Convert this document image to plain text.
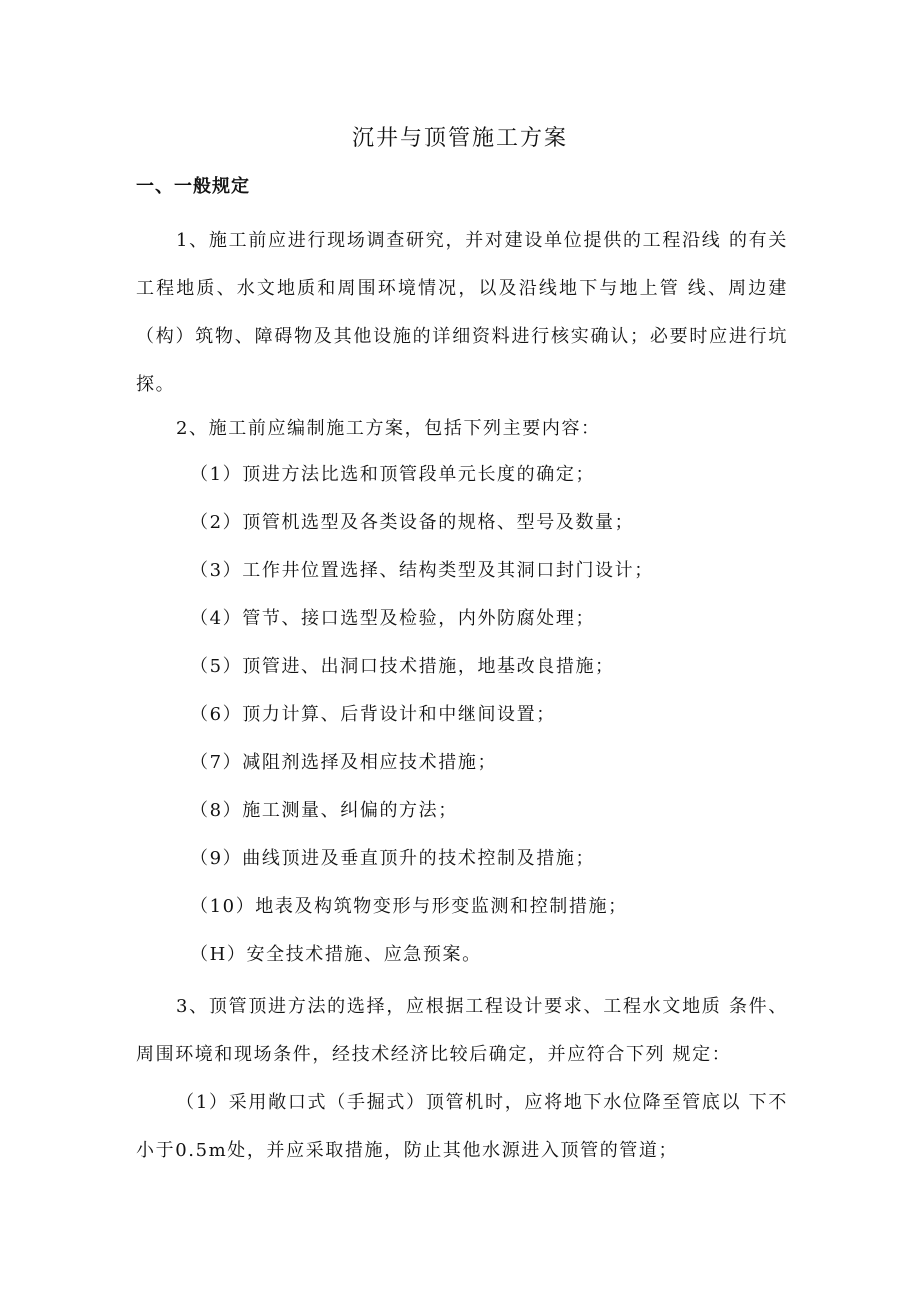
沉井与顶管施工方案
一、一般规定

1、施工前应进行现场调查研究，并对建设单位提供的工程沿线 的有关工程地质、水文地质和周围环境情况，以及沿线地下与地上管 线、周边建（构）筑物、障碍物及其他设施的详细资料进行核实确认；必要时应进行坑探。

2、施工前应编制施工方案，包括下列主要内容：

（1）顶进方法比选和顶管段单元长度的确定；
（2）顶管机选型及各类设备的规格、型号及数量；
（3）工作井位置选择、结构类型及其洞口封门设计；
（4）管节、接口选型及检验，内外防腐处理；
（5）顶管进、出洞口技术措施，地基改良措施；
（6）顶力计算、后背设计和中继间设置；
（7）减阻剂选择及相应技术措施；
（8）施工测量、纠偏的方法；
（9）曲线顶进及垂直顶升的技术控制及措施；
（10）地表及构筑物变形与形变监测和控制措施；
（H）安全技术措施、应急预案。

3、顶管顶进方法的选择，应根据工程设计要求、工程水文地质 条件、周围环境和现场条件，经技术经济比较后确定，并应符合下列 规定：

（1）采用敞口式（手掘式）顶管机时，应将地下水位降至管底以 下不小于0.5m处，并应采取措施，防止其他水源进入顶管的管道；
